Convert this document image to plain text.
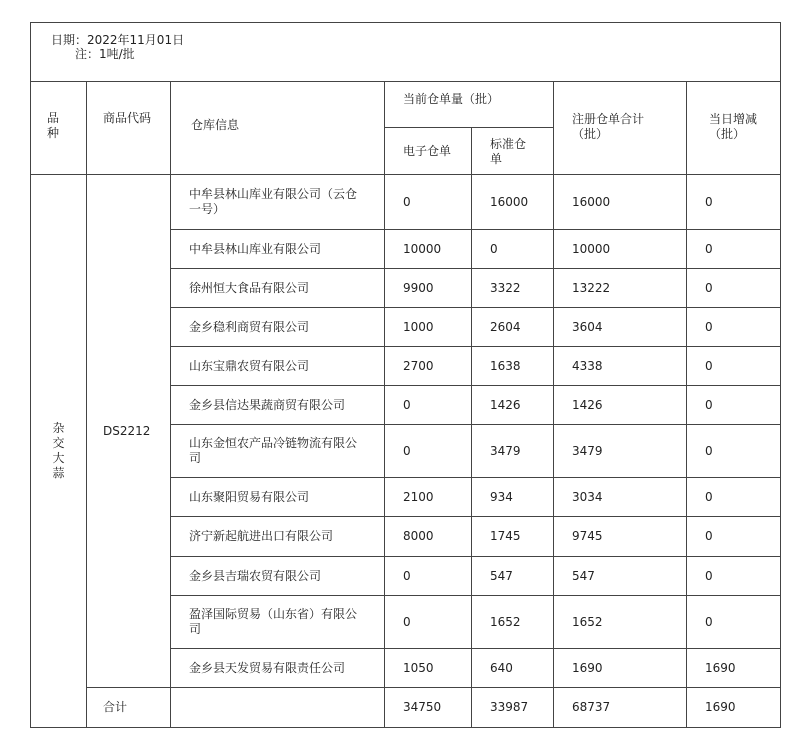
日期：2022年11月01日
注：1吨/批						

品种	商品代码	仓库信息	当前仓单量（批）		注册仓单合计（批）	当日增减（批）
			电子仓单	标准仓单		

杂交大蒜	DS2212	中牟县林山库业有限公司（云仓一号）	0	16000	16000	0
		中牟县林山库业有限公司	10000	0	10000	0
		徐州恒大食品有限公司	9900	3322	13222	0
		金乡稳利商贸有限公司	1000	2604	3604	0
		山东宝鼎农贸有限公司	2700	1638	4338	0
		金乡县信达果蔬商贸有限公司	0	1426	1426	0
		山东金恒农产品冷链物流有限公司	0	3479	3479	0
		山东聚阳贸易有限公司	2100	934	3034	0
		济宁新起航进出口有限公司	8000	1745	9745	0
		金乡县吉瑞农贸有限公司	0	547	547	0
		盈泽国际贸易（山东省）有限公司	0	1652	1652	0
		金乡县天发贸易有限责任公司	1050	640	1690	1690
	合计		34750	33987	68737	1690
